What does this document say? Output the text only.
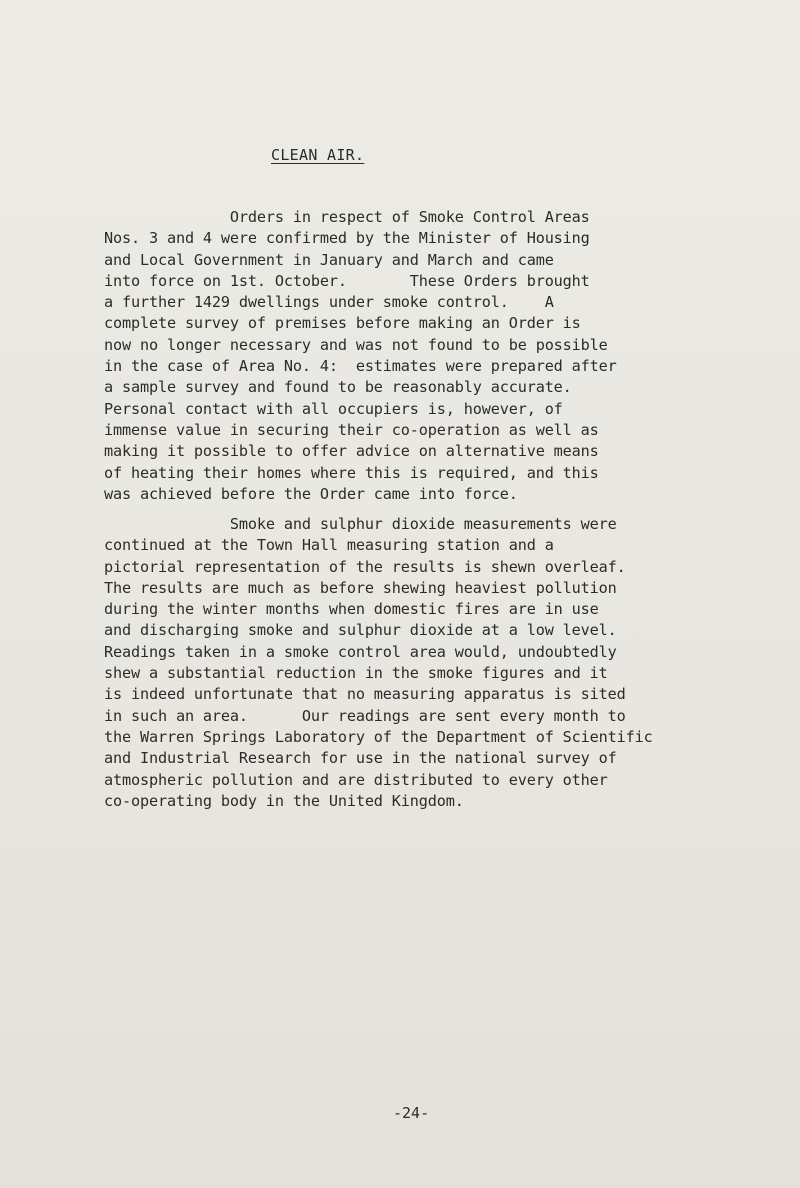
CLEAN AIR.
Orders in respect of Smoke Control Areas
Nos. 3 and 4 were confirmed by the Minister of Housing
and Local Government in January and March and came
into force on 1st. October.       These Orders brought
a further 1429 dwellings under smoke control.    A
complete survey of premises before making an Order is
now no longer necessary and was not found to be possible
in the case of Area No. 4:  estimates were prepared after
a sample survey and found to be reasonably accurate.
Personal contact with all occupiers is, however, of
immense value in securing their co-operation as well as
making it possible to offer advice on alternative means
of heating their homes where this is required, and this
was achieved before the Order came into force.
Smoke and sulphur dioxide measurements were
continued at the Town Hall measuring station and a
pictorial representation of the results is shewn overleaf.
The results are much as before shewing heaviest pollution
during the winter months when domestic fires are in use
and discharging smoke and sulphur dioxide at a low level.
Readings taken in a smoke control area would, undoubtedly
shew a substantial reduction in the smoke figures and it
is indeed unfortunate that no measuring apparatus is sited
in such an area.      Our readings are sent every month to
the Warren Springs Laboratory of the Department of Scientific
and Industrial Research for use in the national survey of
atmospheric pollution and are distributed to every other
co-operating body in the United Kingdom.
-24-
